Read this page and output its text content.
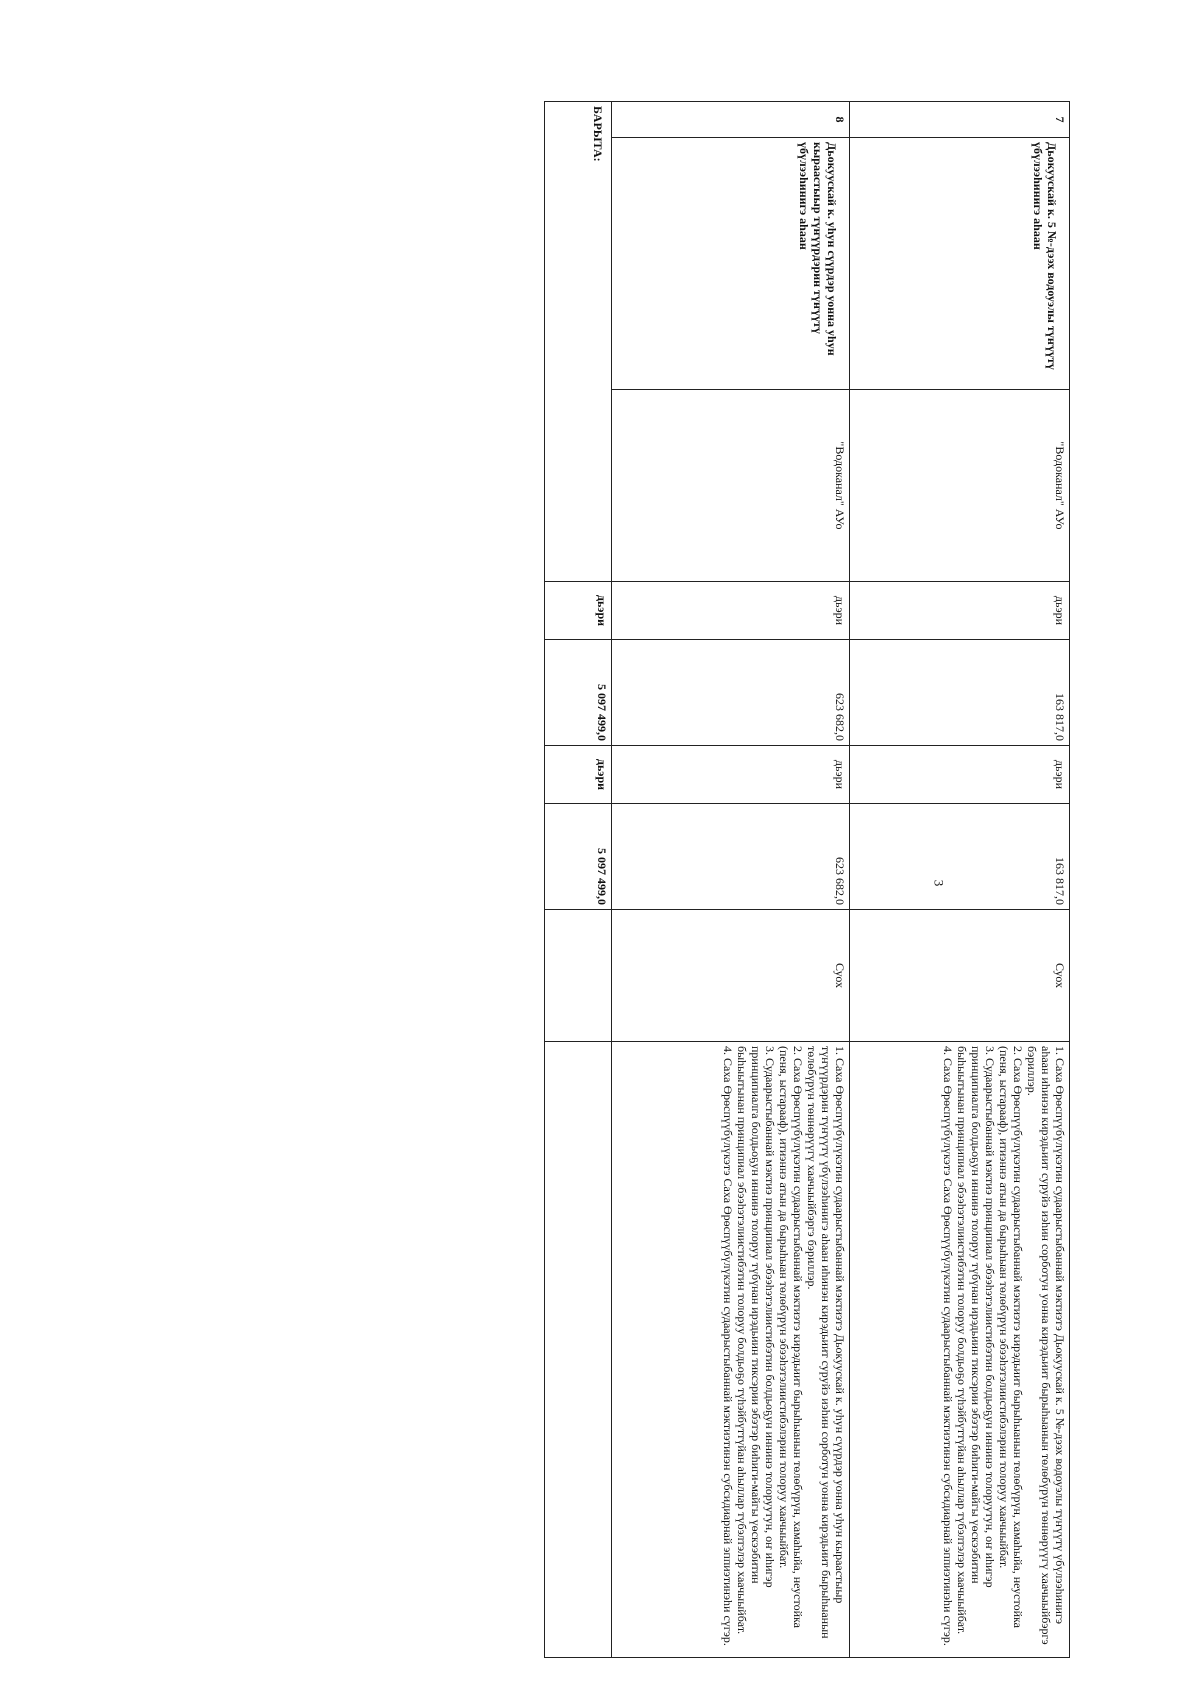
3
7	Дьокуускай к. 5 №-дээх водоуэлы түҥүүтү үбүлээһинигэ аһаан	"Водоканал" АУо	дьэри	163 817,0	дьэри	163 817,0	Суох	1. Саха Өрөспүүбүлүкэтин судаарыстыбаннай мэктиэтэ Дьокуускай к. 5 №-дээх водоуэлы түҥүүтү үбүлээһинигэ аһаан иһинэн кирэдьиит суруйэ иэһин сорботун уонна кирэдьиит бырыһыанын төлөбүрүн төннөрүүгү хаачыыйбэргэ бэриллэр.
2. Саха Өрөспүүбүлүкэтин судаарыстыбаннай мэктиэтэ кирэдьиит бырыһыанын төлөбүрүн, хамаһыйа, неустойка (пеня, ыстарааф), итиэннэ атын да бырыһыан төлөбүрүн эбээһэтэлиистибэлэрин толоруу хаачыыйбат.
3. Судаарыстыбаннай мэктиэ принципиал эбээһэтэлиистибэтин болдьоҕун иннинэ толоруутун, оҥ иһигэр принципиалга болдьоҕун иннинэ толоруу түбүнан ирэдьиин тиксэрии эбэтэр биһиги-майгы үөскээбитин быһыытынан принципиал эбээһэтэлиистибэтин толоруу болдьоҕо түһэйбүттүйан аһыллар түбэлтэлэр хаачыыйбат.
4. Саха Өрөспүүбүлүкэтэ Саха Өрөспүүбүлүкэтин судаарыстыбаннай мэктиэтинэн субсидиарнай эппиэтинэһи сүгэр.

8	Дьокуускай к. уһун сүүрдэр уонна уһун кыраастыыр түҥүүрдэрин түҥүүтү үбүлээһинигэ аһаан	"Водоканал" АУо	дьэри	623 682,0	дьэри	623 682,0	Суох	1. Саха Өрөспүүбүлүкэтин судаарыстыбаннай мэктиэтэ Дьокуускай к. уһун сүүрдэр уонна уһун кыраастыыр түҥүүрдэрин түҥүүтү үбүлээһинигэ аһаан иһинэн кирэдьиит суруйэ иэһин сорботун уонна кирэдьиит бырыһыанын төлөбүрүн төннөрүүгү хаачыыйбэргэ бэриллэр.
2. Саха Өрөспүүбүлүкэтин судаарыстыбаннай мэктиэтэ кирэдьиит бырыһыанын төлөбүрүн, хамаһыйа, неустойка (пеня, ыстарааф), итиэннэ атын да бырыһыан төлөбүрүн эбээһэтэлиистибэлэрин толоруу хаачыыйбат.
3. Судаарыстыбаннай мэктиэ принципиал эбээһэтэлиистибэтин болдьоҕун иннинэ толоруутун, оҥ иһигэр принципиалга болдьоҕун иннинэ толоруу түбүнан ирэдьиин тиксэрии эбэтэр биһиги-майгы үөскээбитин быһыытынан принципиал эбээһэтэлиистибэтин толоруу болдьоҕо түһэйбүттүйан аһыллар түбэлтэлэр хаачыыйбат.
4. Саха Өрөспүүбүлүкэтэ Саха Өрөспүүбүлүкэтин судаарыстыбаннай мэктиэтинэн субсидиарнай эппиэтинэһи сүгэр.

БАРЫТА:			дьэри	5 097 499,0	дьэри	5 097 499,0		
